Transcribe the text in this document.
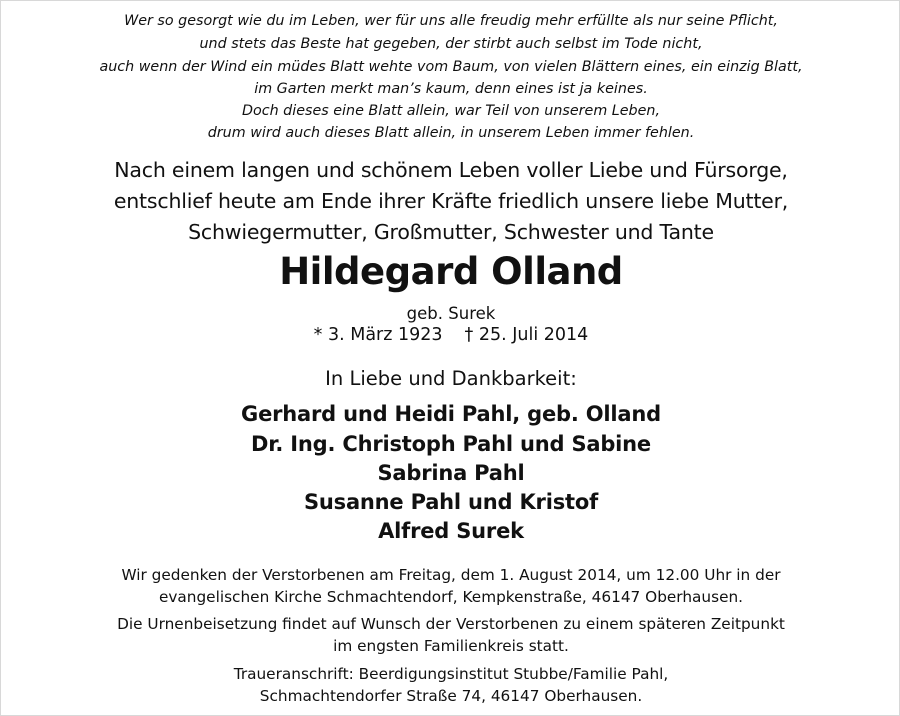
Wer so gesorgt wie du im Leben, wer für uns alle freudig mehr erfüllte als nur seine Pflicht,
und stets das Beste hat gegeben, der stirbt auch selbst im Tode nicht,
auch wenn der Wind ein müdes Blatt wehte vom Baum, von vielen Blättern eines, ein einzig Blatt,
im Garten merkt man’s kaum, denn eines ist ja keines.
Doch dieses eine Blatt allein, war Teil von unserem Leben,
drum wird auch dieses Blatt allein, in unserem Leben immer fehlen.
Nach einem langen und schönem Leben voller Liebe und Fürsorge,
entschlief heute am Ende ihrer Kräfte friedlich unsere liebe Mutter,
Schwiegermutter, Großmutter, Schwester und Tante
Hildegard Olland
geb. Surek
* 3. März 1923 † 25. Juli 2014
In Liebe und Dankbarkeit:
Gerhard und Heidi Pahl, geb. Olland
Dr. Ing. Christoph Pahl und Sabine
Sabrina Pahl
Susanne Pahl und Kristof
Alfred Surek
Wir gedenken der Verstorbenen am Freitag, dem 1. August 2014, um 12.00 Uhr in der
evangelischen Kirche Schmachtendorf, Kempkenstraße, 46147 Oberhausen.
Die Urnenbeisetzung findet auf Wunsch der Verstorbenen zu einem späteren Zeitpunkt
im engsten Familienkreis statt.
Traueranschrift: Beerdigungsinstitut Stubbe/Familie Pahl,
Schmachtendorfer Straße 74, 46147 Oberhausen.
